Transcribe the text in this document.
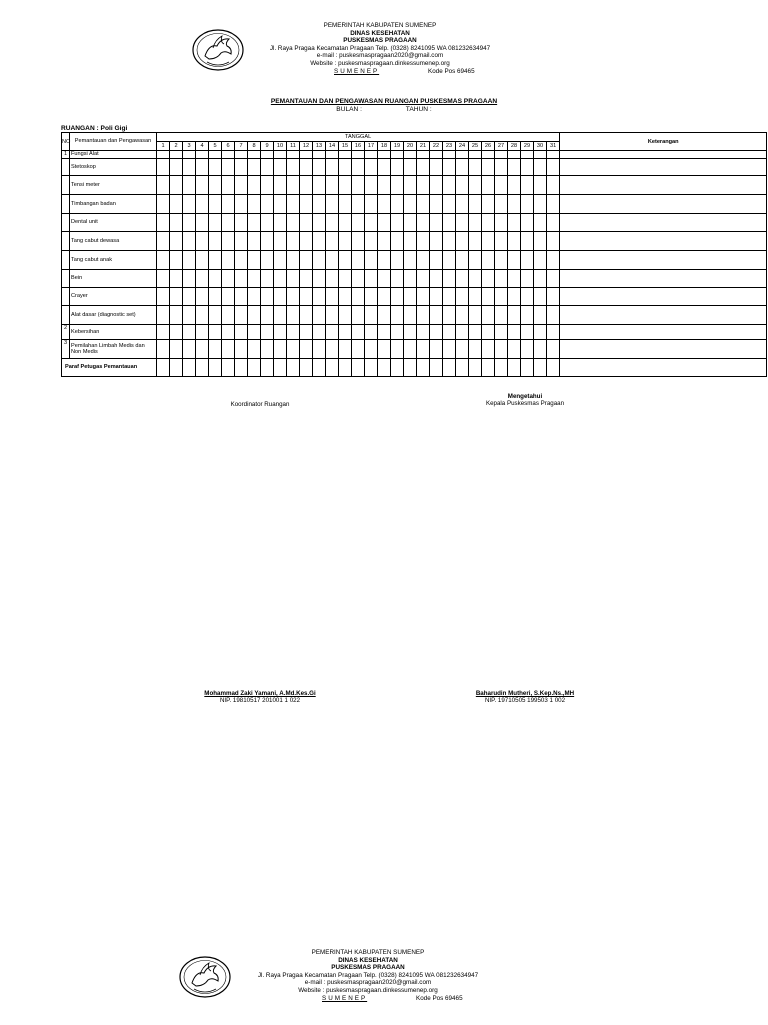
PEMERINTAH KABUPATEN SUMENEP
DINAS KESEHATAN
PUSKESMAS PRAGAAN
Jl. Raya Pragaa Kecamatan Pragaan Telp. (0328) 8241095 WA 081232634947
e-mail : puskesmaspragaan2020@gmail.com
Website : puskesmaspragaan.dinkessumenep.org
SUMENEP	Kode Pos 69465
PEMANTAUAN DAN PENGAWASAN RUANGAN PUSKESMAS PRAGAAN
BULAN :	TAHUN :
RUANGAN : Poli Gigi
NO	Pemantauan dan Pengawasan	TANGGAL																															Keterangan
		1	2	3	4	5	6	7	8	9	10	11	12	13	14	15	16	17	18	19	20	21	22	23	24	25	26	27	28	29	30	31	
1	Fungsi Alat																																
	Stetoskop																																
	Tensi meter																																
	Timbangan badan																																
	Dental unit																																
	Tang cabut dewasa																																
	Tang cabut anak																																
	Bein																																
	Crayer																																
	Alat dasar (diagnostic set)																																
2	Kebersihan																																
3	Pemilahan Limbah Medis dan Non Medis																																
Paraf Petugas Pemantauan																																	
Koordinator Ruangan
Mengetahui
Kepala Puskesmas Pragaan
Mohammad Zaki Yamani, A.Md.Kes.Gi
NIP. 19810517 201001 1 022
Baharudin Mutheri, S.Kep.Ns.,MH
NIP. 19710505 199503 1 002
PEMERINTAH KABUPATEN SUMENEP
DINAS KESEHATAN
PUSKESMAS PRAGAAN
Jl. Raya Pragaa Kecamatan Pragaan Telp. (0328) 8241095 WA 081232634947
e-mail : puskesmaspragaan2020@gmail.com
Website : puskesmaspragaan.dinkessumenep.org
SUMENEP	Kode Pos 69465
